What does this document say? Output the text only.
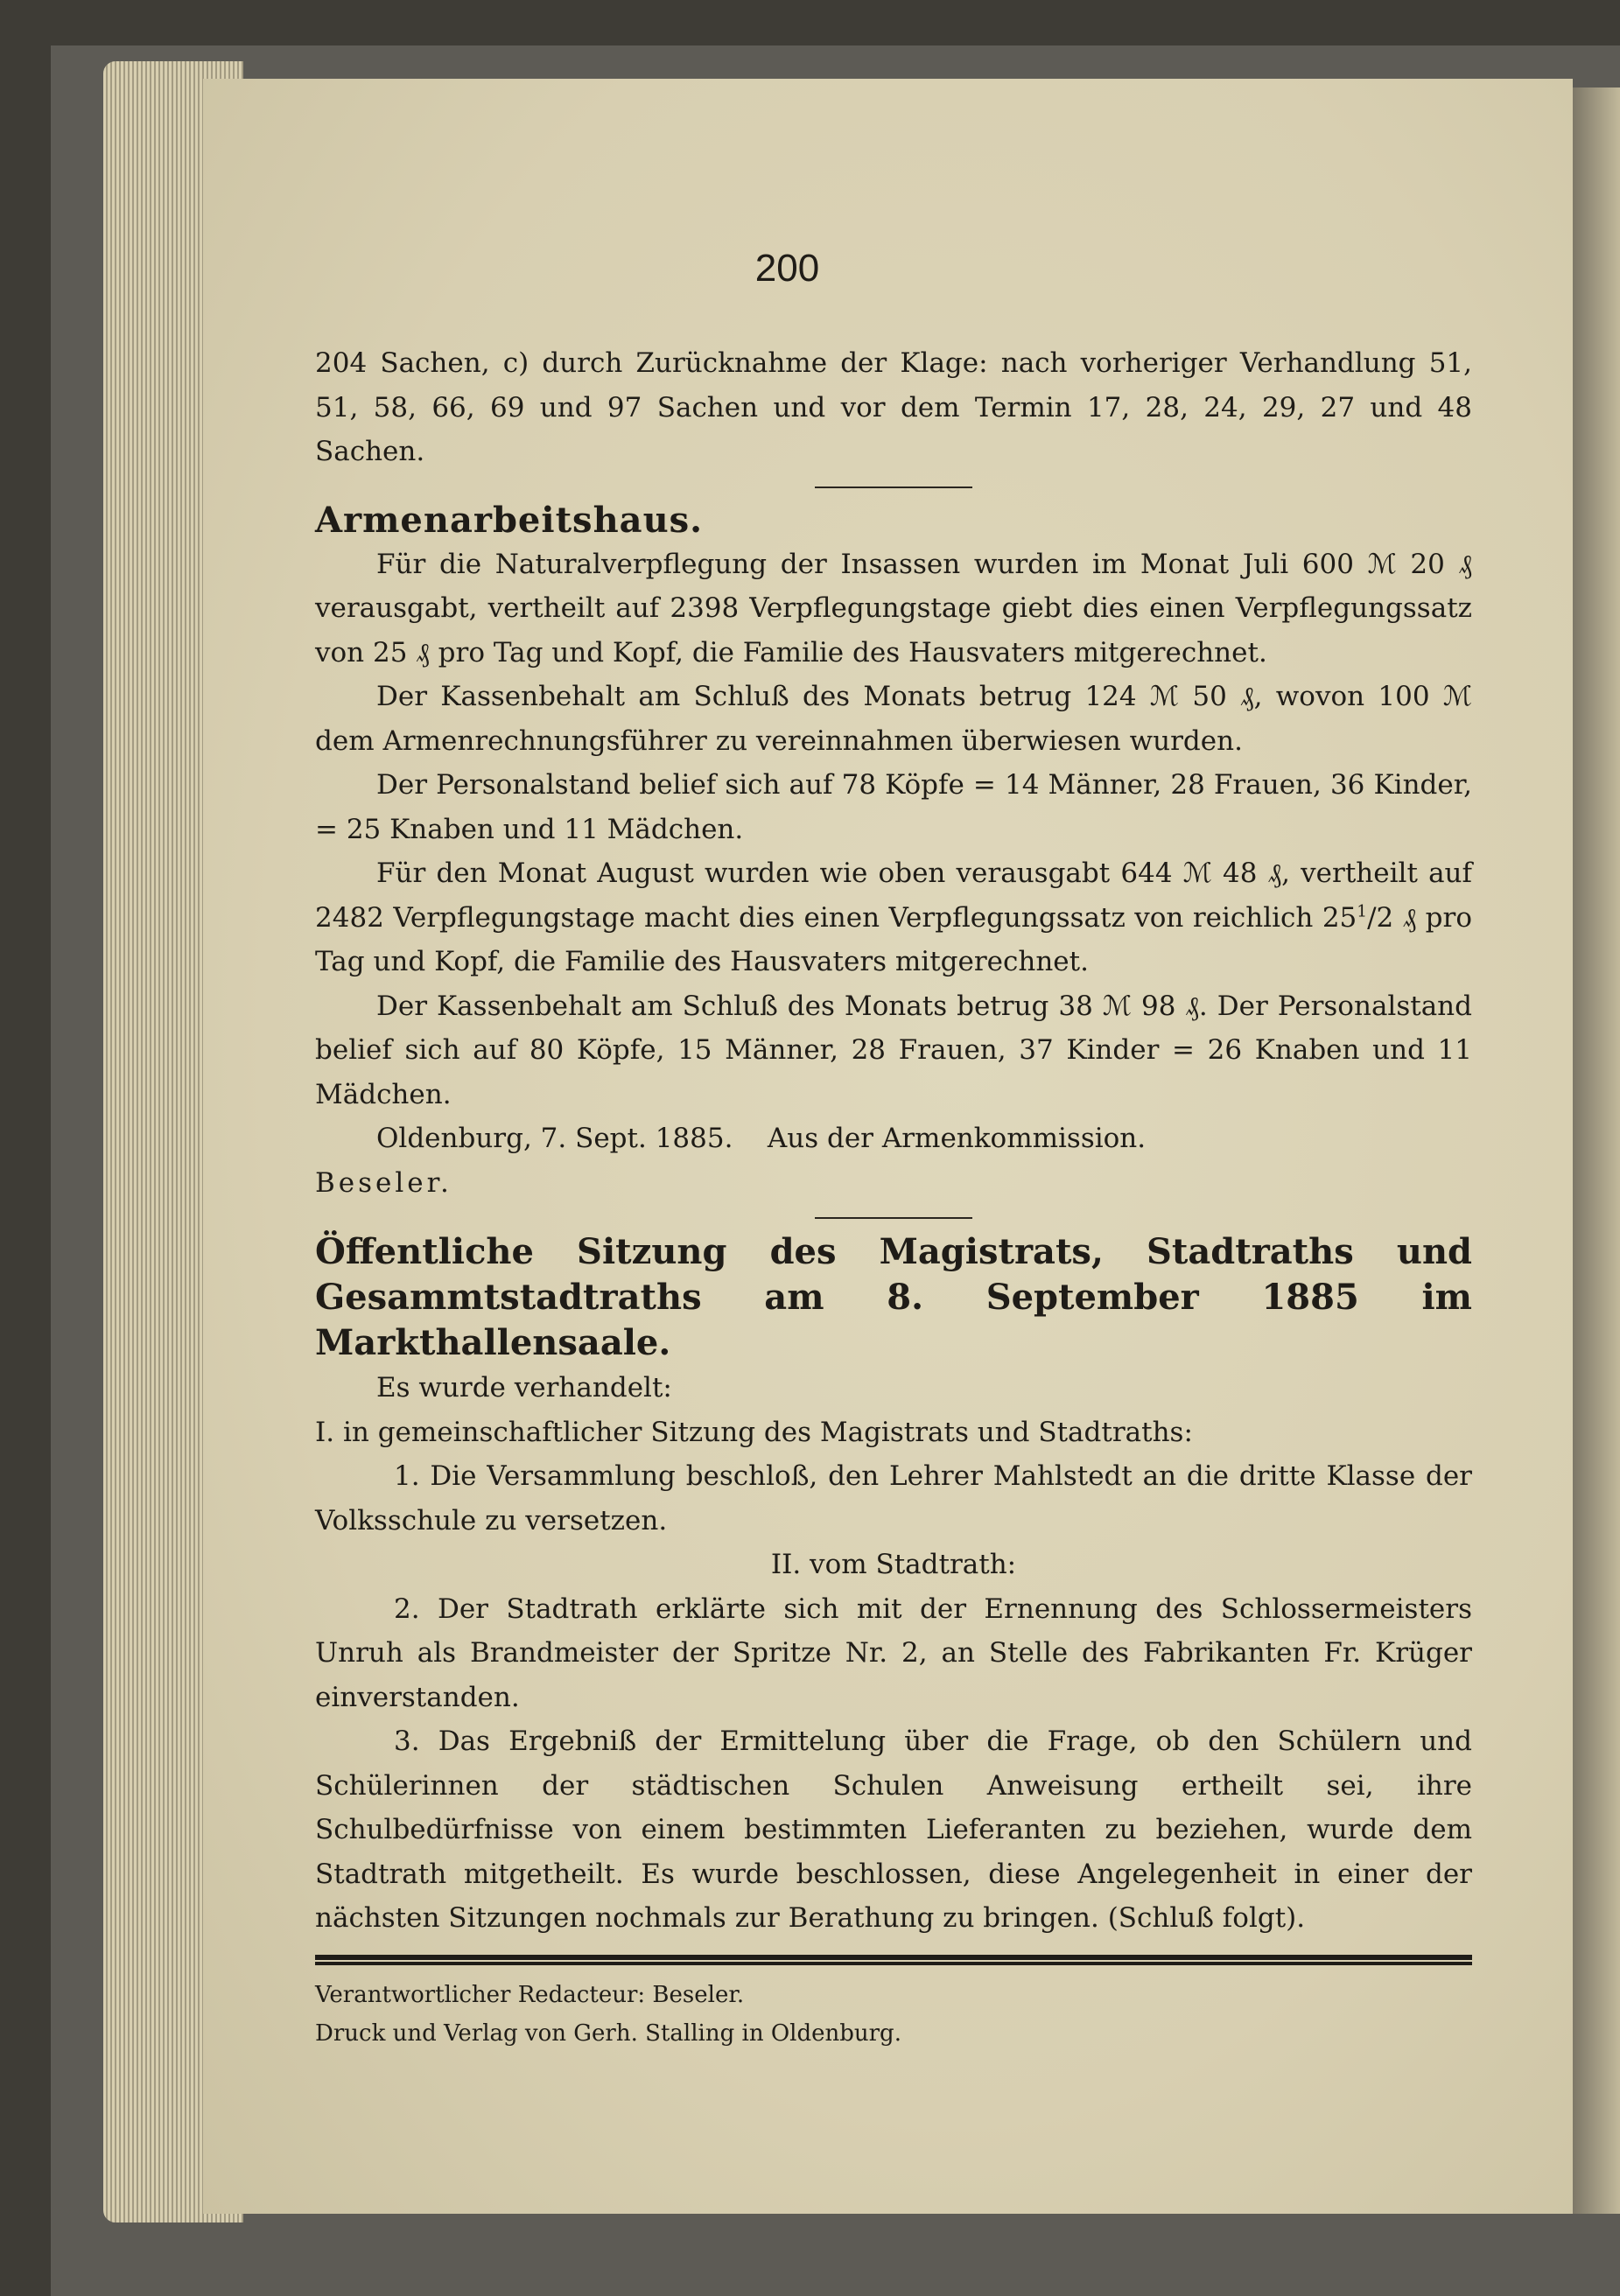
200

204 Sachen, c) durch Zurücknahme der Klage: nach vorheriger Verhandlung 51, 51, 58, 66, 69 und 97 Sachen und vor dem Termin 17, 28, 24, 29, 27 und 48 Sachen.

Armenarbeitshaus.

Für die Naturalverpflegung der Insassen wurden im Monat Juli 600 ℳ 20 ₰ verausgabt, vertheilt auf 2398 Verpflegungstage giebt dies einen Verpflegungssatz von 25 ₰ pro Tag und Kopf, die Familie des Hausvaters mitgerechnet.

Der Kassenbehalt am Schluß des Monats betrug 124 ℳ 50 ₰, wovon 100 ℳ dem Armenrechnungsführer zu vereinnahmen überwiesen wurden.

Der Personalstand belief sich auf 78 Köpfe = 14 Männer, 28 Frauen, 36 Kinder, = 25 Knaben und 11 Mädchen.

Für den Monat August wurden wie oben verausgabt 644 ℳ 48 ₰, vertheilt auf 2482 Verpflegungstage macht dies einen Verpflegungssatz von reichlich $25^1/2$ ₰ pro Tag und Kopf, die Familie des Hausvaters mitgerechnet.

Der Kassenbehalt am Schluß des Monats betrug 38 ℳ 98 ₰. Der Personalstand belief sich auf 80 Köpfe, 15 Männer, 28 Frauen, 37 Kinder = 26 Knaben und 11 Mädchen.

Oldenburg, 7. Sept. 1885. Aus der Armenkommission.

Beseler.

Öffentliche Sitzung des Magistrats, Stadtraths und Gesammtstadtraths am 8. September 1885 im Markthallensaale.

Es wurde verhandelt:

I. in gemeinschaftlicher Sitzung des Magistrats und Stadtraths:

1. Die Versammlung beschloß, den Lehrer Mahlstedt an die dritte Klasse der Volksschule zu versetzen.

II. vom Stadtrath:

2. Der Stadtrath erklärte sich mit der Ernennung des Schlossermeisters Unruh als Brandmeister der Spritze Nr. 2, an Stelle des Fabrikanten Fr. Krüger einverstanden.

3. Das Ergebniß der Ermittelung über die Frage, ob den Schülern und Schülerinnen der städtischen Schulen Anweisung ertheilt sei, ihre Schulbedürfnisse von einem bestimmten Lieferanten zu beziehen, wurde dem Stadtrath mitgetheilt. Es wurde beschlossen, diese Angelegenheit in einer der nächsten Sitzungen nochmals zur Berathung zu bringen. (Schluß folgt).

Verantwortlicher Redacteur: Beseler.

Druck und Verlag von Gerh. Stalling in Oldenburg.
